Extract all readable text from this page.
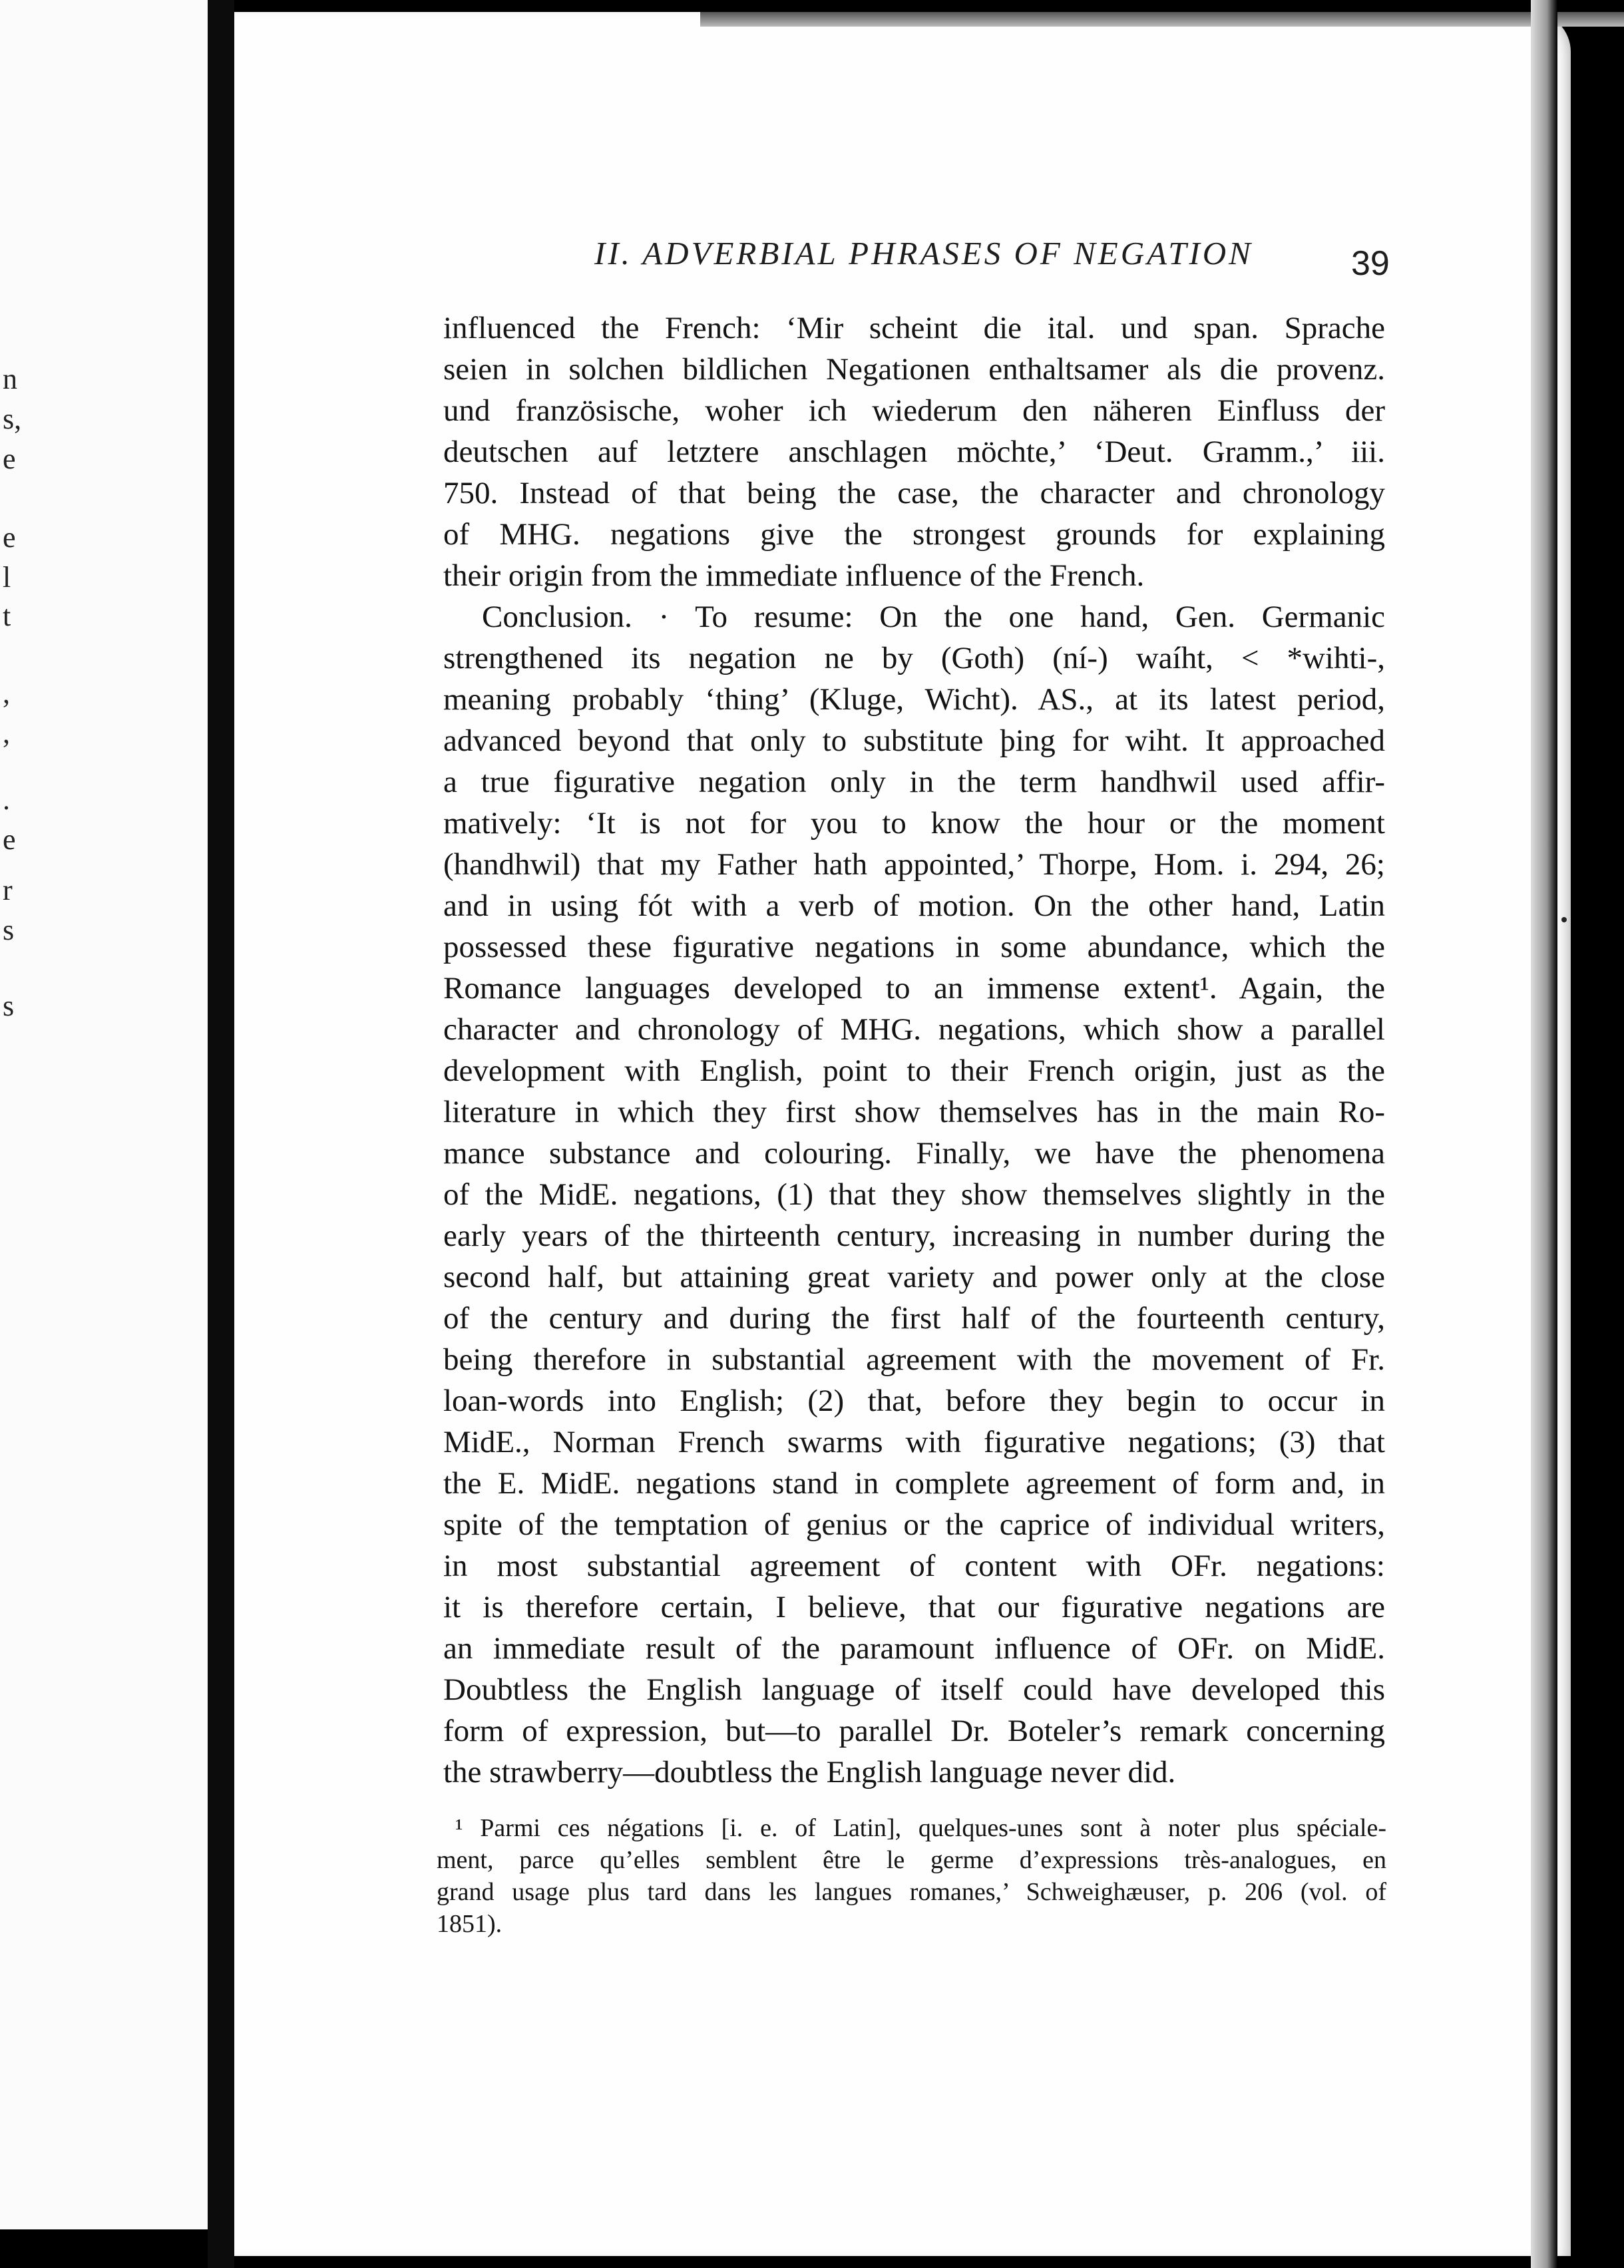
n
s,
e
e
l
t
,
,
.
e
r
s
s
II. ADVERBIAL PHRASES OF NEGATION	39
influenced the French: ‘Mir scheint die ital. und span. Sprache
seien in solchen bildlichen Negationen enthaltsamer als die provenz.
und französische, woher ich wiederum den näheren Einfluss der
deutschen auf letztere anschlagen möchte,’ ‘Deut. Gramm.,’ iii.
750. Instead of that being the case, the character and chronology
of MHG. negations give the strongest grounds for explaining
their origin from the immediate influence of the French.
Conclusion. · To resume: On the one hand, Gen. Germanic
strengthened its negation ne by (Goth) (ní-) waíht, < *wihti-,
meaning probably ‘thing’ (Kluge, Wicht). AS., at its latest period,
advanced beyond that only to substitute þing for wiht. It approached
a true figurative negation only in the term handhwil used affir-
matively: ‘It is not for you to know the hour or the moment
(handhwil) that my Father hath appointed,’ Thorpe, Hom. i. 294, 26;
and in using fót with a verb of motion. On the other hand, Latin
possessed these figurative negations in some abundance, which the
Romance languages developed to an immense extent¹. Again, the
character and chronology of MHG. negations, which show a parallel
development with English, point to their French origin, just as the
literature in which they first show themselves has in the main Ro-
mance substance and colouring. Finally, we have the phenomena
of the MidE. negations, (1) that they show themselves slightly in the
early years of the thirteenth century, increasing in number during the
second half, but attaining great variety and power only at the close
of the century and during the first half of the fourteenth century,
being therefore in substantial agreement with the movement of Fr.
loan-words into English; (2) that, before they begin to occur in
MidE., Norman French swarms with figurative negations; (3) that
the E. MidE. negations stand in complete agreement of form and, in
spite of the temptation of genius or the caprice of individual writers,
in most substantial agreement of content with OFr. negations:
it is therefore certain, I believe, that our figurative negations are
an immediate result of the paramount influence of OFr. on MidE.
Doubtless the English language of itself could have developed this
form of expression, but—to parallel Dr. Boteler’s remark concerning
the strawberry—doubtless the English language never did.
¹ Parmi ces négations [i. e. of Latin], quelques-unes sont à noter plus spéciale-
ment, parce qu’elles semblent être le germe d’expressions très-analogues, en
grand usage plus tard dans les langues romanes,’ Schweighæuser, p. 206 (vol. of
1851).
